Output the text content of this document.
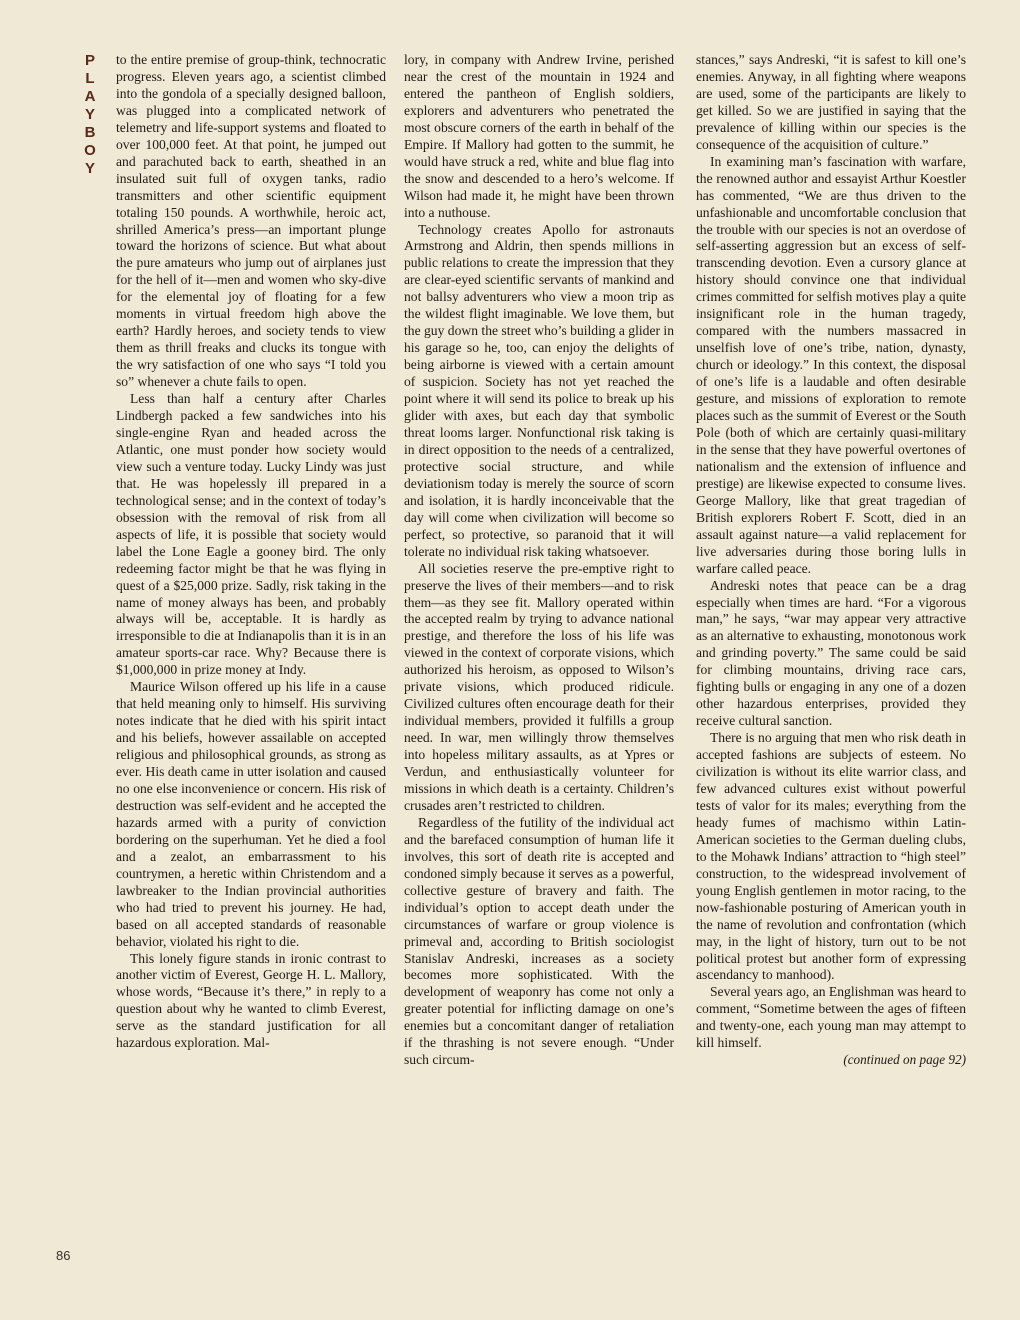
P
L
A
Y
B
O
Y

to the entire premise of group-think, technocratic progress. Eleven years ago, a scientist climbed into the gondola of a specially designed balloon, was plugged into a complicated network of telemetry and life-support systems and floated to over 100,000 feet. At that point, he jumped out and parachuted back to earth, sheathed in an insulated suit full of oxygen tanks, radio transmitters and other scientific equipment totaling 150 pounds. A worthwhile, heroic act, shrilled America’s press—an important plunge toward the horizons of science. But what about the pure amateurs who jump out of airplanes just for the hell of it—men and women who sky-dive for the elemental joy of floating for a few moments in virtual freedom high above the earth? Hardly heroes, and society tends to view them as thrill freaks and clucks its tongue with the wry satisfaction of one who says “I told you so” whenever a chute fails to open.

Less than half a century after Charles Lindbergh packed a few sandwiches into his single-engine Ryan and headed across the Atlantic, one must ponder how society would view such a venture today. Lucky Lindy was just that. He was hopelessly ill prepared in a technological sense; and in the context of today’s obsession with the removal of risk from all aspects of life, it is possible that society would label the Lone Eagle a gooney bird. The only redeeming factor might be that he was flying in quest of a $25,000 prize. Sadly, risk taking in the name of money always has been, and probably always will be, acceptable. It is hardly as irresponsible to die at Indianapolis than it is in an amateur sports-car race. Why? Because there is $1,000,000 in prize money at Indy.

Maurice Wilson offered up his life in a cause that held meaning only to himself. His surviving notes indicate that he died with his spirit intact and his beliefs, however assailable on accepted religious and philosophical grounds, as strong as ever. His death came in utter isolation and caused no one else inconvenience or concern. His risk of destruction was self-evident and he accepted the hazards armed with a purity of conviction bordering on the superhuman. Yet he died a fool and a zealot, an embarrassment to his countrymen, a heretic within Christendom and a lawbreaker to the Indian provincial authorities who had tried to prevent his journey. He had, based on all accepted standards of reasonable behavior, violated his right to die.

This lonely figure stands in ironic contrast to another victim of Everest, George H. L. Mallory, whose words, “Because it’s there,” in reply to a question about why he wanted to climb Everest, serve as the standard justification for all hazardous exploration. Mal-

lory, in company with Andrew Irvine, perished near the crest of the mountain in 1924 and entered the pantheon of English soldiers, explorers and adventurers who penetrated the most obscure corners of the earth in behalf of the Empire. If Mallory had gotten to the summit, he would have struck a red, white and blue flag into the snow and descended to a hero’s welcome. If Wilson had made it, he might have been thrown into a nuthouse.

Technology creates Apollo for astronauts Armstrong and Aldrin, then spends millions in public relations to create the impression that they are clear-eyed scientific servants of mankind and not ballsy adventurers who view a moon trip as the wildest flight imaginable. We love them, but the guy down the street who’s building a glider in his garage so he, too, can enjoy the delights of being airborne is viewed with a certain amount of suspicion. Society has not yet reached the point where it will send its police to break up his glider with axes, but each day that symbolic threat looms larger. Nonfunctional risk taking is in direct opposition to the needs of a centralized, protective social structure, and while deviationism today is merely the source of scorn and isolation, it is hardly inconceivable that the day will come when civilization will become so perfect, so protective, so paranoid that it will tolerate no individual risk taking whatsoever.

All societies reserve the pre-emptive right to preserve the lives of their members—and to risk them—as they see fit. Mallory operated within the accepted realm by trying to advance national prestige, and therefore the loss of his life was viewed in the context of corporate visions, which authorized his heroism, as opposed to Wilson’s private visions, which produced ridicule. Civilized cultures often encourage death for their individual members, provided it fulfills a group need. In war, men willingly throw themselves into hopeless military assaults, as at Ypres or Verdun, and enthusiastically volunteer for missions in which death is a certainty. Children’s crusades aren’t restricted to children.

Regardless of the futility of the individual act and the barefaced consumption of human life it involves, this sort of death rite is accepted and condoned simply because it serves as a powerful, collective gesture of bravery and faith. The individual’s option to accept death under the circumstances of warfare or group violence is primeval and, according to British sociologist Stanislav Andreski, increases as a society becomes more sophisticated. With the development of weaponry has come not only a greater potential for inflicting damage on one’s enemies but a concomitant danger of retaliation if the thrashing is not severe enough. “Under such circum-

stances,” says Andreski, “it is safest to kill one’s enemies. Anyway, in all fighting where weapons are used, some of the participants are likely to get killed. So we are justified in saying that the prevalence of killing within our species is the consequence of the acquisition of culture.”

In examining man’s fascination with warfare, the renowned author and essayist Arthur Koestler has commented, “We are thus driven to the unfashionable and uncomfortable conclusion that the trouble with our species is not an overdose of self-asserting aggression but an excess of self-transcending devotion. Even a cursory glance at history should convince one that individual crimes committed for selfish motives play a quite insignificant role in the human tragedy, compared with the numbers massacred in unselfish love of one’s tribe, nation, dynasty, church or ideology.” In this context, the disposal of one’s life is a laudable and often desirable gesture, and missions of exploration to remote places such as the summit of Everest or the South Pole (both of which are certainly quasi-military in the sense that they have powerful overtones of nationalism and the extension of influence and prestige) are likewise expected to consume lives. George Mallory, like that great tragedian of British explorers Robert F. Scott, died in an assault against nature—a valid replacement for live adversaries during those boring lulls in warfare called peace.

Andreski notes that peace can be a drag especially when times are hard. “For a vigorous man,” he says, “war may appear very attractive as an alternative to exhausting, monotonous work and grinding poverty.” The same could be said for climbing mountains, driving race cars, fighting bulls or engaging in any one of a dozen other hazardous enterprises, provided they receive cultural sanction.

There is no arguing that men who risk death in accepted fashions are subjects of esteem. No civilization is without its elite warrior class, and few advanced cultures exist without powerful tests of valor for its males; everything from the heady fumes of machismo within Latin-American societies to the German dueling clubs, to the Mohawk Indians’ attraction to “high steel” construction, to the widespread involvement of young English gentlemen in motor racing, to the now-fashionable posturing of American youth in the name of revolution and confrontation (which may, in the light of history, turn out to be not political protest but another form of expressing ascendancy to manhood).

Several years ago, an Englishman was heard to comment, “Sometime between the ages of fifteen and twenty-one, each young man may attempt to kill himself.

(continued on page 92)
86
